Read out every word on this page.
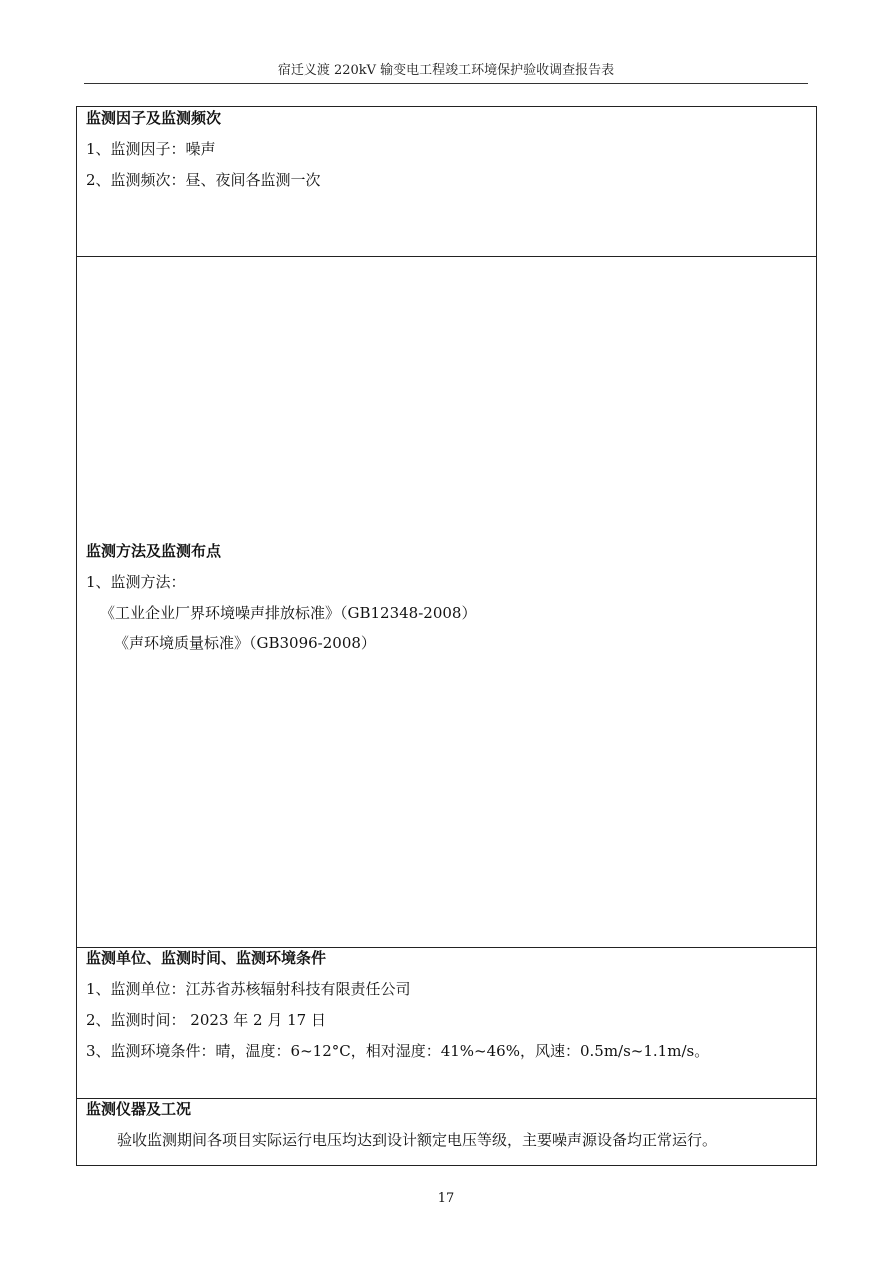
宿迁义渡 220kV 输变电工程竣工环境保护验收调查报告表
监测因子及监测频次
1、监测因子：噪声
2、监测频次：昼、夜间各监测一次
监测方法及监测布点
1、监测方法：
《工业企业厂界环境噪声排放标准》（GB12348-2008）
《声环境质量标准》（GB3096-2008）
监测单位、监测时间、监测环境条件
1、监测单位：江苏省苏核辐射科技有限责任公司
2、监测时间： 2023 年 2 月 17 日
3、监测环境条件：晴，温度：6~12°C，相对湿度：41%~46%，风速：0.5m/s~1.1m/s。
监测仪器及工况
验收监测期间各项目实际运行电压均达到设计额定电压等级，主要噪声源设备均正常运行。
17
